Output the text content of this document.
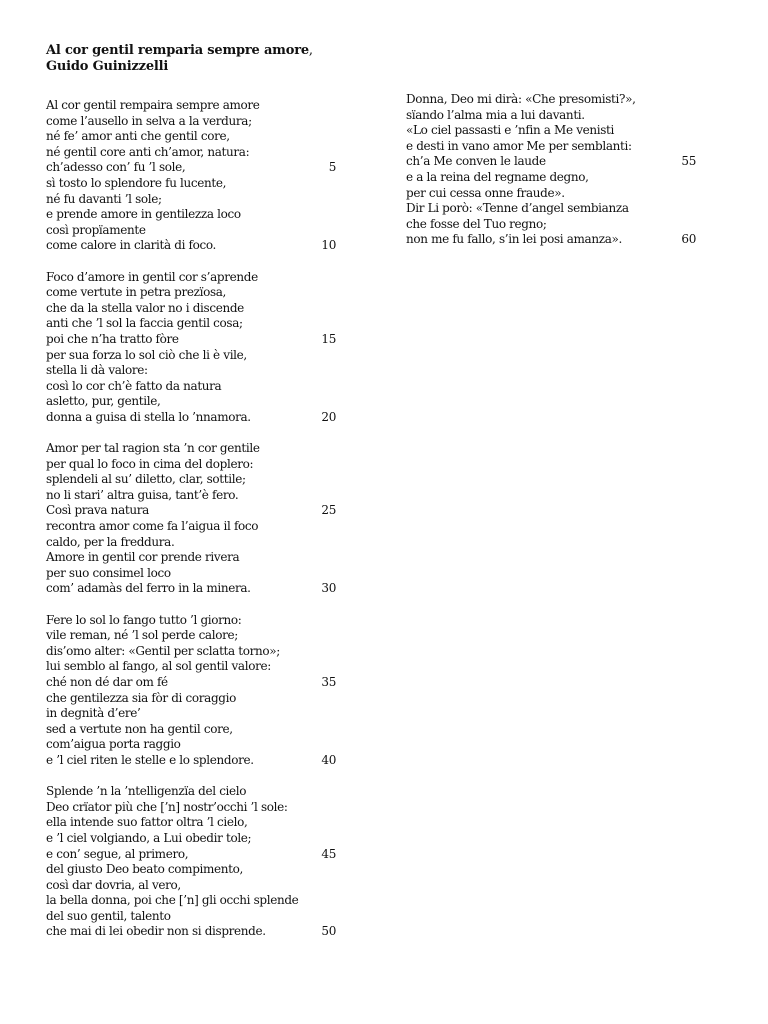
Al cor gentil remparia sempre amore,
Guido Guinizzelli
Al cor gentil rempaira sempre amore
come l’ausello in selva a la verdura;
né fe’ amor anti che gentil core,
né gentil core anti ch’amor, natura:
ch’adesso con’ fu ’l sole,	5
sì tosto lo splendore fu lucente,
né fu davanti ’l sole;
e prende amore in gentilezza loco
così propïamente
come calore in clarità di foco.	10
Foco d’amore in gentil cor s’aprende
come vertute in petra prezïosa,
che da la stella valor no i discende
anti che ’l sol la faccia gentil cosa;
poi che n’ha tratto fòre	15
per sua forza lo sol ciò che li è vile,
stella li dà valore:
così lo cor ch’è fatto da natura
asletto, pur, gentile,
donna a guisa di stella lo ’nnamora.	20
Amor per tal ragion sta ’n cor gentile
per qual lo foco in cima del doplero:
splendeli al su’ diletto, clar, sottile;
no li stari’ altra guisa, tant’è fero.
Così prava natura	25
recontra amor come fa l’aigua il foco
caldo, per la freddura.
Amore in gentil cor prende rivera
per suo consimel loco
com’ adamàs del ferro in la minera.	30
Fere lo sol lo fango tutto ’l giorno:
vile reman, né ’l sol perde calore;
dis’omo alter: «Gentil per sclatta torno»;
lui semblo al fango, al sol gentil valore:
ché non dé dar om fé	35
che gentilezza sia fòr di coraggio
in degnità d’ere’
sed a vertute non ha gentil core,
com’aigua porta raggio
e ’l ciel riten le stelle e lo splendore.	40
Splende ’n la ’ntelligenzïa del cielo
Deo crïator più che [’n] nostr’occhi ’l sole:
ella intende suo fattor oltra ’l cielo,
e ’l ciel volgiando, a Lui obedir tole;
e con’ segue, al primero,	45
del giusto Deo beato compimento,
così dar dovria, al vero,
la bella donna, poi che [’n] gli occhi splende
del suo gentil, talento
che mai di lei obedir non si disprende.	50
Donna, Deo mi dirà: «Che presomisti?»,
sïando l’alma mia a lui davanti.
«Lo ciel passasti e ’nfin a Me venisti
e desti in vano amor Me per semblanti:
ch’a Me conven le laude	55
e a la reina del regname degno,
per cui cessa onne fraude».
Dir Li porò: «Tenne d’angel sembianza
che fosse del Tuo regno;
non me fu fallo, s’in lei posi amanza».	60
